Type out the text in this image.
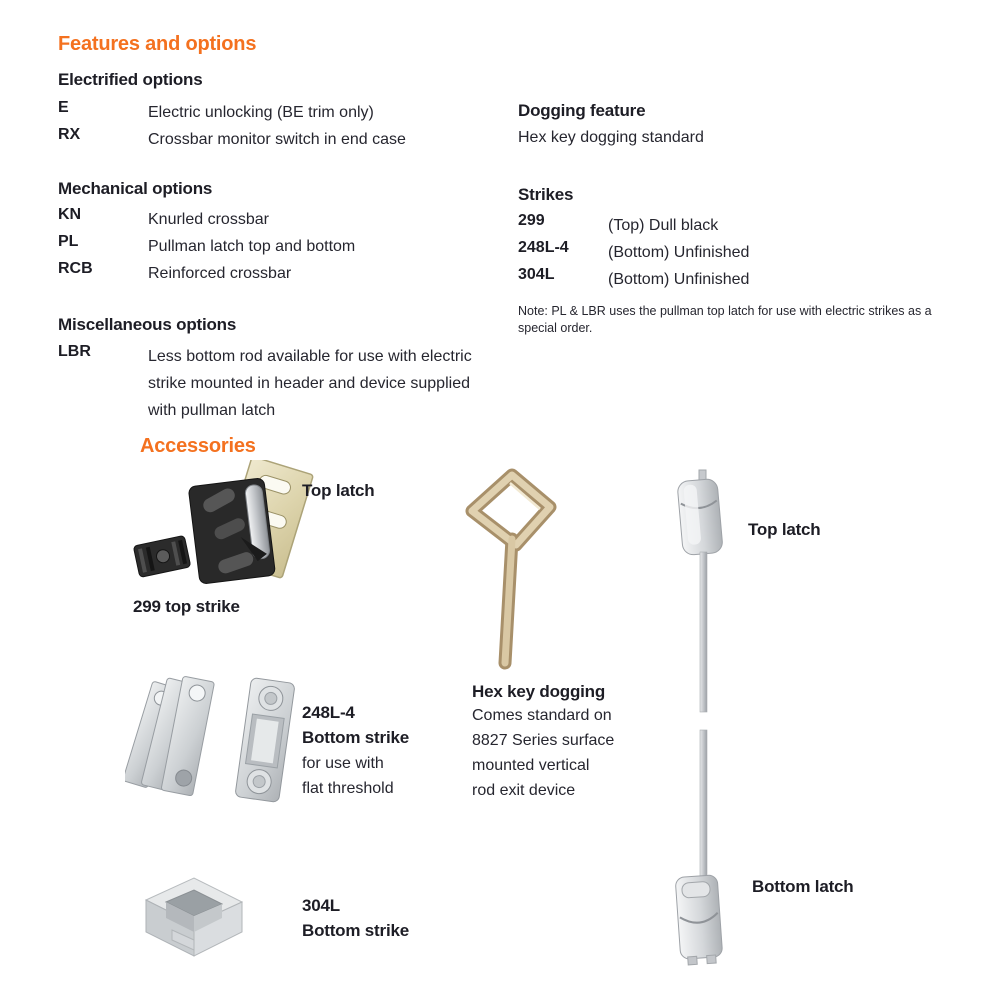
Features and options
Electrified options
E	Electric unlocking (BE trim only)
RX	Crossbar monitor switch in end case
Mechanical options
KN	Knurled crossbar
PL	Pullman latch top and bottom
RCB	Reinforced crossbar
Miscellaneous options
LBR	Less bottom rod available for use with electric strike mounted in header and device supplied with pullman latch
Dogging feature
Hex key dogging standard
Strikes
299	(Top) Dull black
248L-4	(Bottom) Unfinished
304L	(Bottom) Unfinished
Note: PL & LBR uses the pullman top latch for use with electric strikes as a special order.
Accessories
Top latch
299 top strike
248L-4
Bottom strike
for use with
flat threshold
304L
Bottom strike
Hex key dogging
Comes standard on
8827 Series surface
mounted vertical
rod exit device
Top latch
Bottom latch
